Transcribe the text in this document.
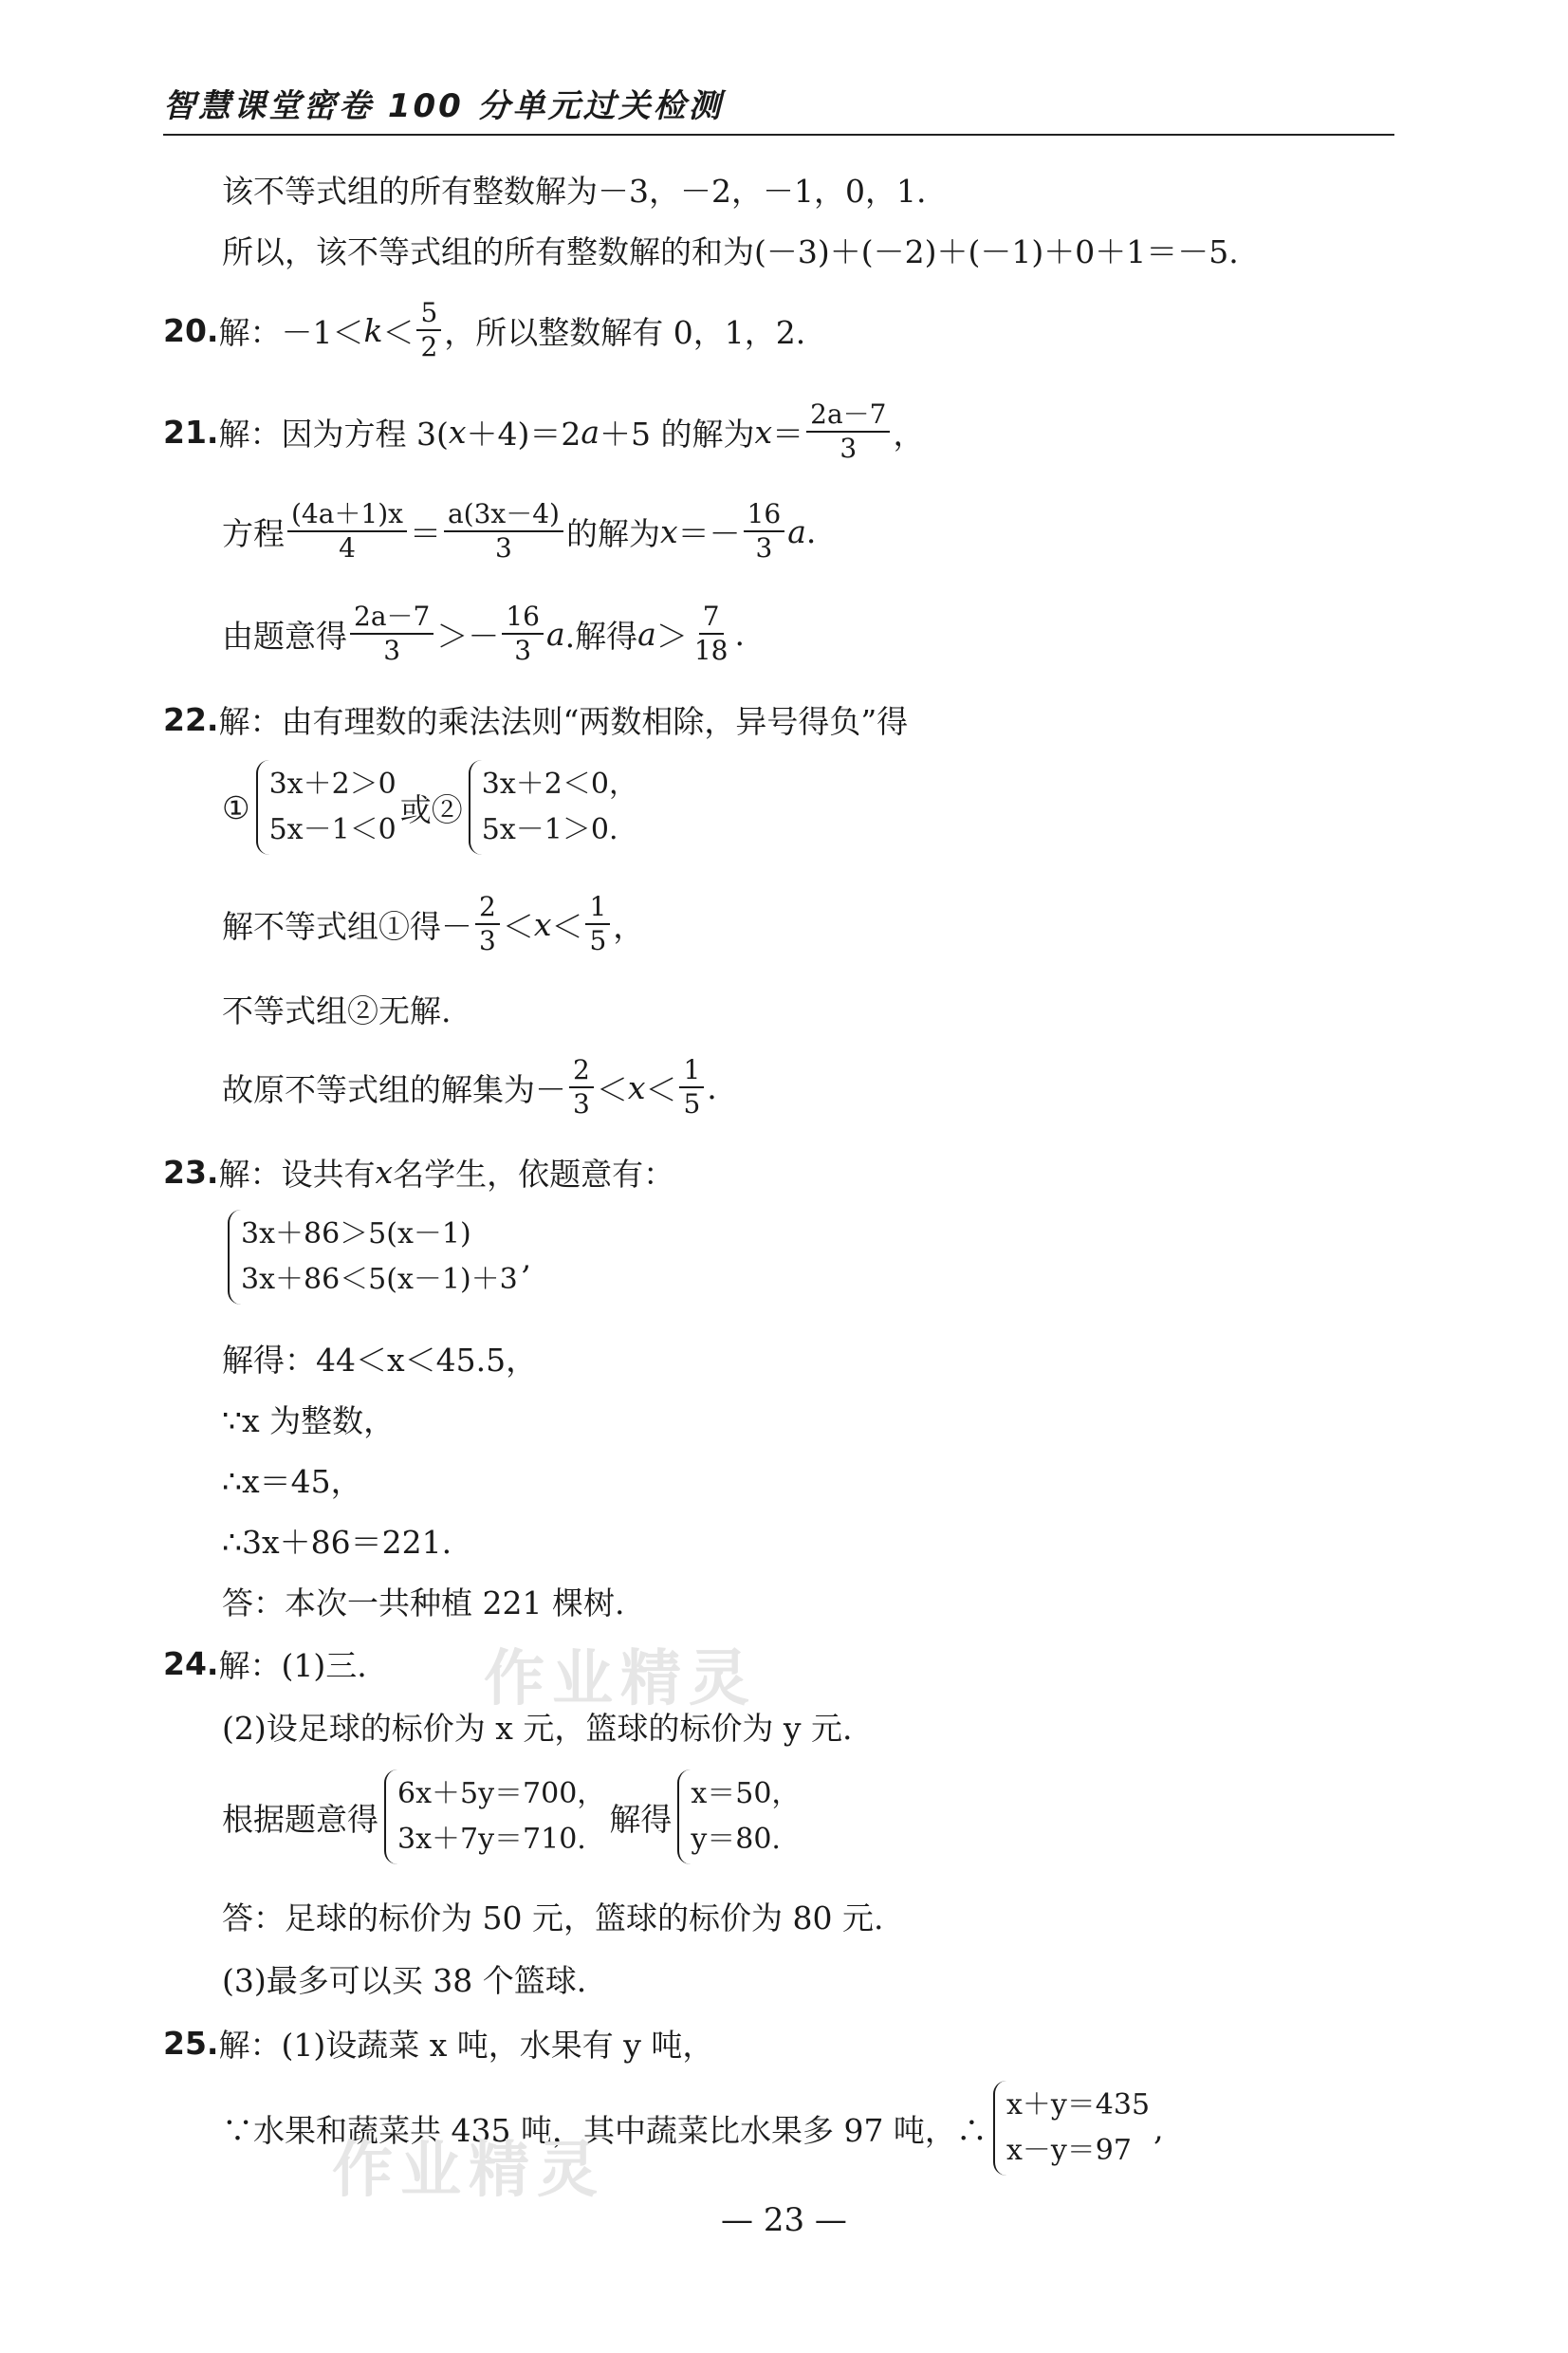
智慧课堂密卷 100 分单元过关检测
该不等式组的所有整数解为－3，－2，－1，0，1.
所以，该不等式组的所有整数解的和为(－3)＋(－2)＋(－1)＋0＋1＝－5.
20. 解：$-1< k < \frac{5}{2}$ ，所以整数解有 0，1，2.
21. 解：因为方程 3( x ＋4)＝2 a ＋5 的解为 $x = \frac{2a-7}{3}$ ，
方程 $\frac{(4a+1)x}{4} = \frac{a(3x-4)}{3}$ 的解为 $x =- \frac{16}{3}$ a .
由题意得 $\frac{2a-7}{3} >- \frac{16}{3}$ a .解得 $a > \frac{7}{18}$ .
22. 解：由有理数的乘法法则“两数相除，异号得负”得
①
3x＋2＞0
5x－1＜0
或②
3x＋2＜0，
5x－1＞0.
解不等式组①得－ $\frac{2}{3} < x < \frac{1}{5}$ ，
不等式组②无解.
故原不等式组的解集为－ $\frac{2}{3} < x < \frac{1}{5}$ .
23. 解：设共有 x 名学生，依题意有：
3x＋86＞5(x－1)
3x＋86＜5(x－1)＋3
,
解得：44＜x＜45.5，
∵x 为整数，
∴x＝45，
∴3x＋86＝221.
答：本次一共种植 221 棵树.
24. 解：(1)三.
(2)设足球的标价为 x 元，篮球的标价为 y 元.
根据题意得
6x＋5y＝700，
3x＋7y＝710.
解得
x＝50，
y＝80.
答：足球的标价为 50 元，篮球的标价为 80 元.
(3)最多可以买 38 个篮球.
25. 解：(1)设蔬菜 x 吨，水果有 y 吨，
∵水果和蔬菜共 435 吨，其中蔬菜比水果多 97 吨，∴
x＋y＝435
x－y＝97
,
作业精灵
作业精灵
— 23 —
